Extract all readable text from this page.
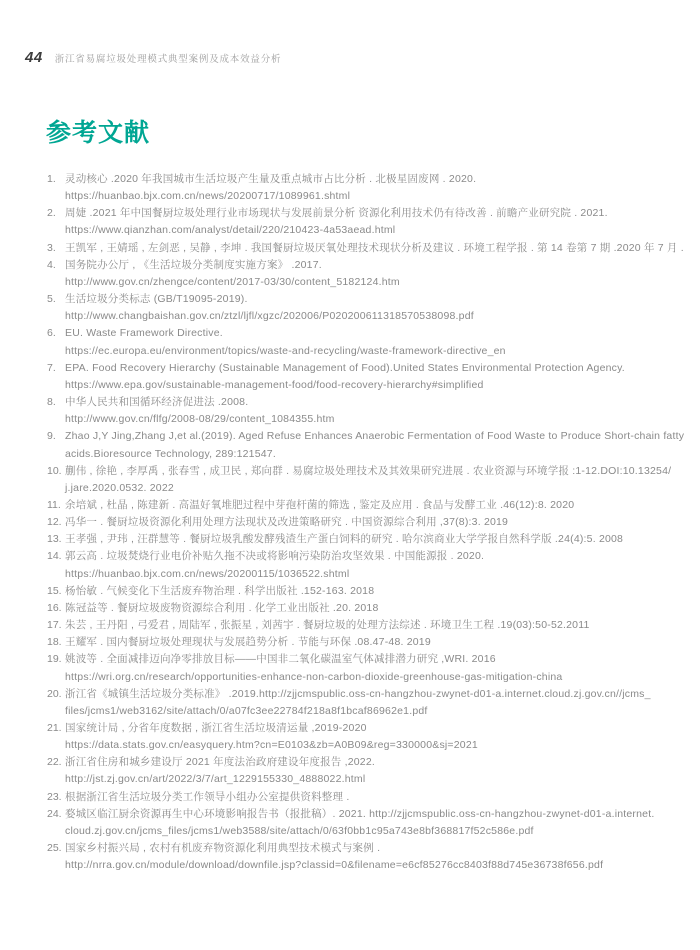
44 浙江省易腐垃圾处理模式典型案例及成本效益分析
参考文献
1. 灵动核心 .2020 年我国城市生活垃圾产生量及重点城市占比分析 . 北极星固废网 . 2020.
https://huanbao.bjx.com.cn/news/20200717/1089961.shtml
2. 周婕 .2021 年中国餐厨垃圾处理行业市场现状与发展前景分析 资源化利用技术仍有待改善 . 前瞻产业研究院 . 2021.
https://www.qianzhan.com/analyst/detail/220/210423-4a53aead.html
3. 王凯军 , 王婧瑶 , 左剑恶 , 吴静 , 李坤 . 我国餐厨垃圾厌氧处理技术现状分析及建议 . 环境工程学报 . 第 14 卷第 7 期 .2020 年 7 月 .
4. 国务院办公厅 , 《生活垃圾分类制度实施方案》 .2017.
http://www.gov.cn/zhengce/content/2017-03/30/content_5182124.htm
5. 生活垃圾分类标志 (GB/T19095-2019).
http://www.changbaishan.gov.cn/ztzl/ljfl/xgzc/202006/P020200611318570538098.pdf
6. EU. Waste Framework Directive.
https://ec.europa.eu/environment/topics/waste-and-recycling/waste-framework-directive_en
7. EPA. Food Recovery Hierarchy (Sustainable Management of Food).United States Environmental Protection Agency.
https://www.epa.gov/sustainable-management-food/food-recovery-hierarchy#simplified
8. 中华人民共和国循环经济促进法 .2008.
http://www.gov.cn/flfg/2008-08/29/content_1084355.htm
9. Zhao J,Y Jing,Zhang J,et al.(2019). Aged Refuse Enhances Anaerobic Fermentation of Food Waste to Produce Short-chain fatty
acids.Bioresource Technology, 289:121547.
10. 蒯伟 , 徐艳 , 李厚禹 , 张春雪 , 成卫民 , 郑向群 . 易腐垃圾处理技术及其效果研究进展 . 农业资源与环境学报 :1-12.DOI:10.13254/
j.jare.2020.0532. 2022
11. 余培斌 , 杜晶 , 陈建新 . 高温好氧堆肥过程中芽孢杆菌的筛选 , 鉴定及应用 . 食品与发酵工业 .46(12):8. 2020
12. 冯华一 . 餐厨垃圾资源化利用处理方法现状及改进策略研究 . 中国资源综合利用 ,37(8):3. 2019
13. 王孝强 , 尹玮 , 汪群慧等 . 餐厨垃圾乳酸发酵残渣生产蛋白饲料的研究 . 哈尔滨商业大学学报自然科学版 .24(4):5. 2008
14. 郭云高 . 垃圾焚烧行业电价补贴久拖不决或将影响污染防治攻坚效果 . 中国能源报 . 2020.
https://huanbao.bjx.com.cn/news/20200115/1036522.shtml
15. 杨怡敏 . 气候变化下生活废弃物治理 . 科学出版社 .152-163. 2018
16. 陈冠益等 . 餐厨垃圾废物资源综合利用 . 化学工业出版社 .20. 2018
17. 朱芸 , 王丹阳 , 弓爱君 , 周陆军 , 张振星 , 刘茜宇 . 餐厨垃圾的处理方法综述 . 环境卫生工程 .19(03):50-52.2011
18. 王耀军 . 国内餐厨垃圾处理现状与发展趋势分析 . 节能与环保 .08.47-48. 2019
19. 姚波等 . 全面减排迈向净零排放目标——中国非二氧化碳温室气体减排潜力研究 ,WRI. 2016
https://wri.org.cn/research/opportunities-enhance-non-carbon-dioxide-greenhouse-gas-mitigation-china
20. 浙江省《城镇生活垃圾分类标准》 .2019.http://zjjcmspublic.oss-cn-hangzhou-zwynet-d01-a.internet.cloud.zj.gov.cn//jcms_
files/jcms1/web3162/site/attach/0/a07fc3ee22784f218a8f1bcaf86962e1.pdf
21. 国家统计局 , 分省年度数据 , 浙江省生活垃圾清运量 ,2019-2020
https://data.stats.gov.cn/easyquery.htm?cn=E0103&zb=A0B09&reg=330000&sj=2021
22. 浙江省住房和城乡建设厅 2021 年度法治政府建设年度报告 ,2022.
http://jst.zj.gov.cn/art/2022/3/7/art_1229155330_4888022.html
23. 根据浙江省生活垃圾分类工作领导小组办公室提供资料整理 .
24. 婺城区临江厨余资源再生中心环境影响报告书（报批稿）. 2021. http://zjjcmspublic.oss-cn-hangzhou-zwynet-d01-a.internet.
cloud.zj.gov.cn/jcms_files/jcms1/web3588/site/attach/0/63f0bb1c95a743e8bf368817f52c586e.pdf
25. 国家乡村振兴局 , 农村有机废弃物资源化利用典型技术模式与案例 .
http://nrra.gov.cn/module/download/downfile.jsp?classid=0&filename=e6cf85276cc8403f88d745e36738f656.pdf
